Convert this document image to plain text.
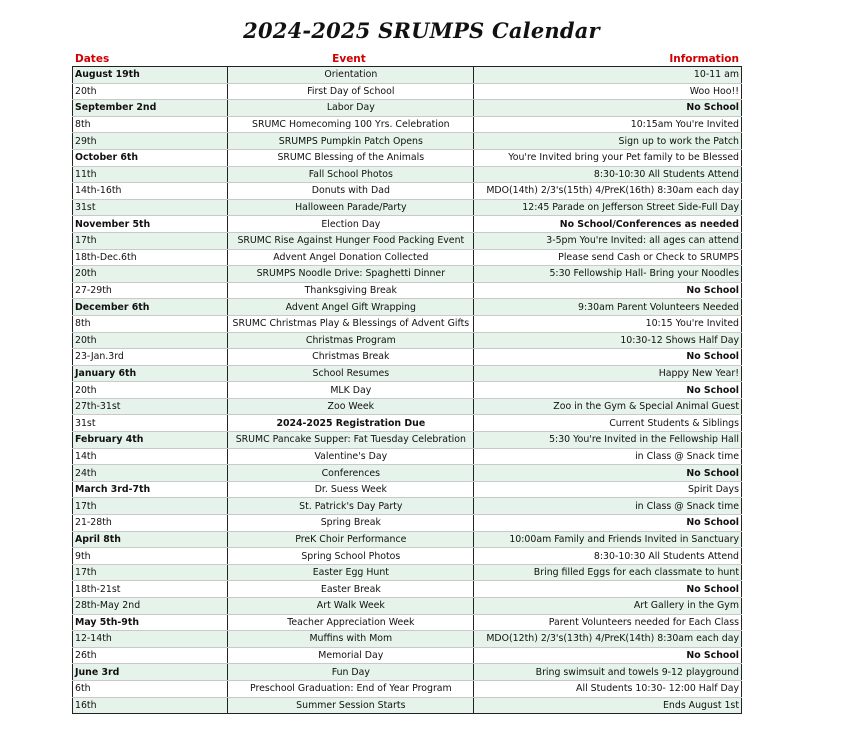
2024-2025 SRUMPS Calendar
Dates	Event	Information
August 19th	Orientation	10-11 am
20th	First Day of School	Woo Hoo!!
September 2nd	Labor Day	No School
8th	SRUMC Homecoming 100 Yrs. Celebration	10:15am You're Invited
29th	SRUMPS Pumpkin Patch Opens	Sign up to work the Patch
October 6th	SRUMC Blessing of the Animals	You're Invited bring your Pet family to be Blessed
11th	Fall School Photos	8:30-10:30 All Students Attend
14th-16th	Donuts with Dad	MDO(14th) 2/3's(15th) 4/PreK(16th) 8:30am each day
31st	Halloween Parade/Party	12:45 Parade on Jefferson Street Side-Full Day
November 5th	Election Day	No School/Conferences as needed
17th	SRUMC Rise Against Hunger Food Packing Event	3-5pm You're Invited: all ages can attend
18th-Dec.6th	Advent Angel Donation Collected	Please send Cash or Check to SRUMPS
20th	SRUMPS Noodle Drive: Spaghetti Dinner	5:30 Fellowship Hall- Bring your Noodles
27-29th	Thanksgiving Break	No School
December 6th	Advent Angel Gift Wrapping	9:30am Parent Volunteers Needed
8th	SRUMC Christmas Play & Blessings of Advent Gifts	10:15 You're Invited
20th	Christmas Program	10:30-12 Shows Half Day
23-Jan.3rd	Christmas Break	No School
January 6th	School Resumes	Happy New Year!
20th	MLK Day	No School
27th-31st	Zoo Week	Zoo in the Gym & Special Animal Guest
31st	2024-2025 Registration Due	Current Students & Siblings
February 4th	SRUMC Pancake Supper: Fat Tuesday Celebration	5:30 You're Invited in the Fellowship Hall
14th	Valentine's Day	in Class @ Snack time
24th	Conferences	No School
March 3rd-7th	Dr. Suess Week	Spirit Days
17th	St. Patrick's Day Party	in Class @ Snack time
21-28th	Spring Break	No School
April 8th	PreK Choir Performance	10:00am Family and Friends Invited in Sanctuary
9th	Spring School Photos	8:30-10:30 All Students Attend
17th	Easter Egg Hunt	Bring filled Eggs for each classmate to hunt
18th-21st	Easter Break	No School
28th-May 2nd	Art Walk Week	Art Gallery in the Gym
May 5th-9th	Teacher Appreciation Week	Parent Volunteers needed for Each Class
12-14th	Muffins with Mom	MDO(12th) 2/3's(13th) 4/PreK(14th) 8:30am each day
26th	Memorial Day	No School
June 3rd	Fun Day	Bring swimsuit and towels 9-12 playground
6th	Preschool Graduation: End of Year Program	All Students 10:30- 12:00 Half Day
16th	Summer Session Starts	Ends August 1st
